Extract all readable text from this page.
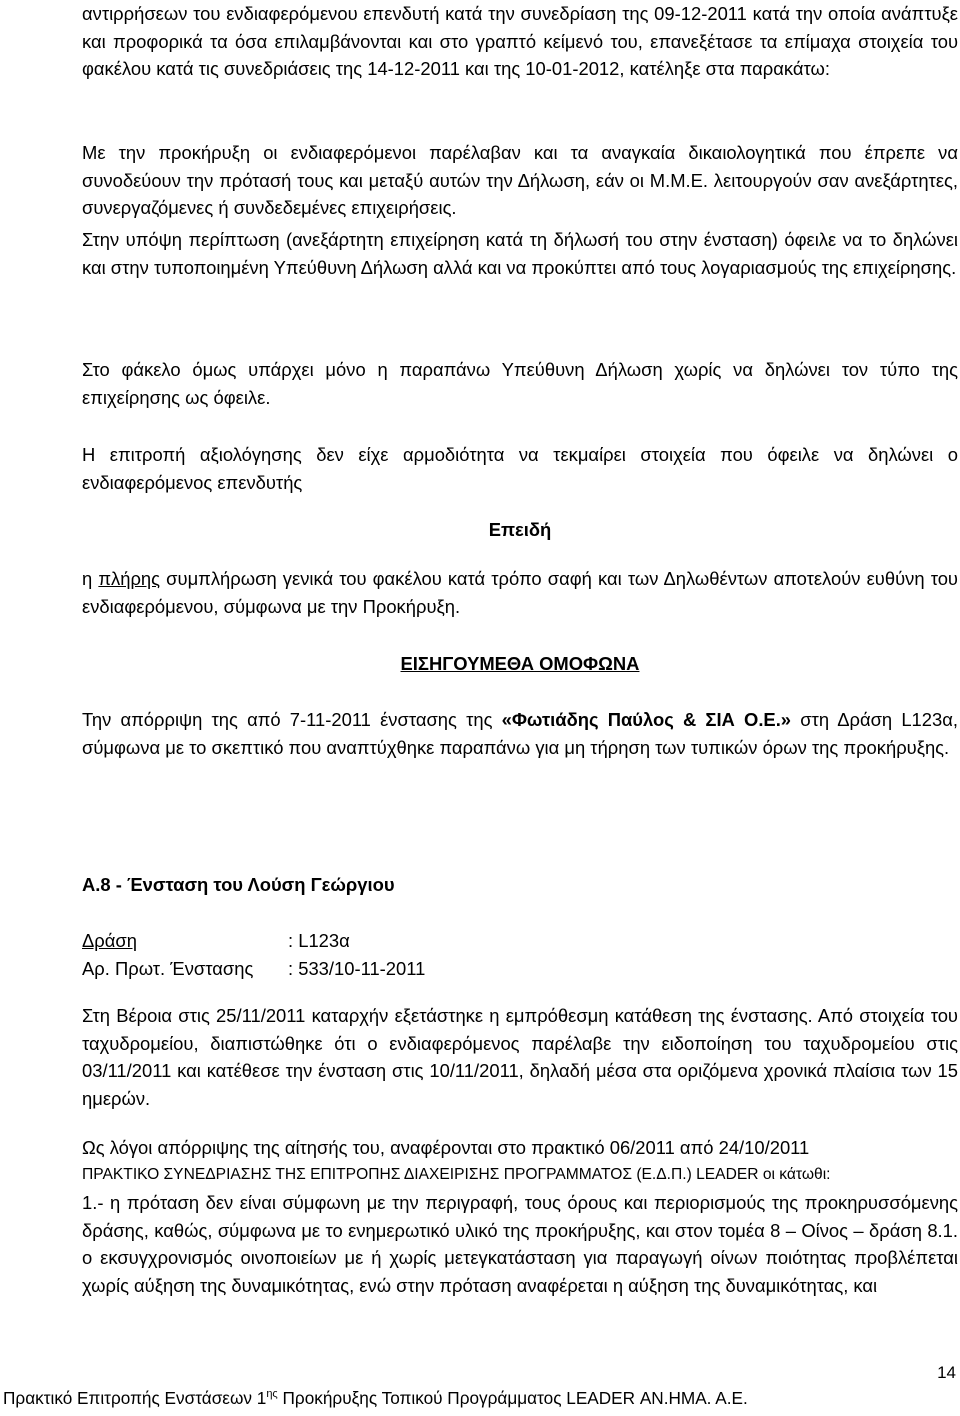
αντιρρήσεων του ενδιαφερόμενου επενδυτή κατά την συνεδρίαση της 09-12-2011 κατά την οποία ανάπτυξε και προφορικά τα όσα επιλαμβάνονται και στο γραπτό κείμενό του, επανεξέτασε τα επίμαχα στοιχεία του φακέλου κατά τις συνεδριάσεις της 14-12-2011 και της 10-01-2012, κατέληξε στα παρακάτω:
Με την προκήρυξη οι ενδιαφερόμενοι παρέλαβαν και τα αναγκαία δικαιολογητικά που έπρεπε να συνοδεύουν την πρότασή τους και μεταξύ αυτών την Δήλωση, εάν οι Μ.Μ.Ε. λειτουργούν σαν ανεξάρτητες, συνεργαζόμενες ή συνδεδεμένες επιχειρήσεις.
Στην υπόψη περίπτωση (ανεξάρτητη επιχείρηση κατά τη δήλωσή του στην ένσταση) όφειλε να το δηλώνει και στην τυποποιημένη Υπεύθυνη Δήλωση αλλά και να προκύπτει από τους λογαριασμούς της επιχείρησης.
Στο φάκελο όμως υπάρχει μόνο η παραπάνω Υπεύθυνη Δήλωση χωρίς να δηλώνει τον τύπο της επιχείρησης ως όφειλε.
Η επιτροπή αξιολόγησης δεν είχε αρμοδιότητα να τεκμαίρει στοιχεία που όφειλε να δηλώνει ο ενδιαφερόμενος επενδυτής
Επειδή
η πλήρης συμπλήρωση γενικά του φακέλου κατά τρόπο σαφή και των Δηλωθέντων αποτελούν ευθύνη του ενδιαφερόμενου, σύμφωνα με την Προκήρυξη.
ΕΙΣΗΓΟΥΜΕΘΑ ΟΜΟΦΩΝΑ
Την απόρριψη της από 7-11-2011 ένστασης της «Φωτιάδης Παύλος & ΣΙΑ Ο.Ε.» στη Δράση L123α, σύμφωνα με το σκεπτικό που αναπτύχθηκε παραπάνω για μη τήρηση των τυπικών όρων της προκήρυξης.
Α.8 - Ένσταση του Λούση Γεώργιου
Δράση	: L123α
Αρ. Πρωτ. Ένστασης	: 533/10-11-2011
Στη Βέροια στις 25/11/2011 καταρχήν εξετάστηκε η εμπρόθεσμη κατάθεση της ένστασης. Από στοιχεία του ταχυδρομείου, διαπιστώθηκε ότι ο ενδιαφερόμενος παρέλαβε την ειδοποίηση του ταχυδρομείου στις 03/11/2011 και κατέθεσε την ένσταση στις 10/11/2011, δηλαδή μέσα στα οριζόμενα χρονικά πλαίσια των 15 ημερών.
Ως λόγοι απόρριψης της αίτησής του, αναφέρονται στο πρακτικό 06/2011 από 24/10/2011
ΠΡΑΚΤΙΚΟ ΣΥΝΕΔΡΙΑΣΗΣ ΤΗΣ ΕΠΙΤΡΟΠΗΣ ΔΙΑΧΕΙΡΙΣΗΣ ΠΡΟΓΡΑΜΜΑΤΟΣ (Ε.Δ.Π.) LEADER οι κάτωθι:
1.- η πρόταση δεν είναι σύμφωνη με την περιγραφή, τους όρους και περιορισμούς της προκηρυσσόμενης δράσης, καθώς, σύμφωνα με το ενημερωτικό υλικό της προκήρυξης, και στον τομέα 8 – Οίνος – δράση 8.1. ο εκσυγχρονισμός οινοποιείων με ή χωρίς μετεγκατάσταση για παραγωγή οίνων ποιότητας προβλέπεται χωρίς αύξηση της δυναμικότητας, ενώ στην πρόταση αναφέρεται η αύξηση της δυναμικότητας, και
14
Πρακτικό Επιτροπής Ενστάσεων $1^{\eta\varsigma}$ Προκήρυξης Τοπικού Προγράμματος LEADER ΑΝ.ΗΜΑ. Α.Ε.
